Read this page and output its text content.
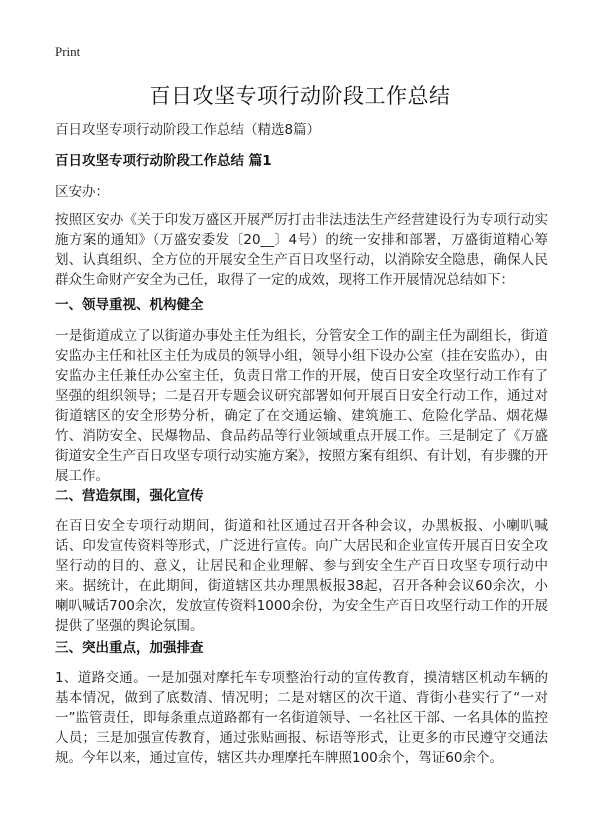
Print
百日攻坚专项行动阶段工作总结
百日攻坚专项行动阶段工作总结（精选8篇）
百日攻坚专项行动阶段工作总结 篇1
区安办：

按照区安办《关于印发万盛区开展严厉打击非法违法生产经营建设行为专项行动实施方案的通知》（万盛安委发〔20__〕4号）的统一安排和部署，万盛街道精心筹划、认真组织、全方位的开展安全生产百日攻坚行动，以消除安全隐患，确保人民群众生命财产安全为己任，取得了一定的成效，现将工作开展情况总结如下：

一、领导重视、机构健全

一是街道成立了以街道办事处主任为组长，分管安全工作的副主任为副组长，街道安监办主任和社区主任为成员的领导小组，领导小组下设办公室（挂在安监办），由安监办主任兼任办公室主任，负责日常工作的开展，使百日安全攻坚行动工作有了坚强的组织领导；二是召开专题会议研究部署如何开展百日安全行动工作，通过对街道辖区的安全形势分析，确定了在交通运输、建筑施工、危险化学品、烟花爆竹、消防安全、民爆物品、食品药品等行业领域重点开展工作。三是制定了《万盛街道安全生产百日攻坚专项行动实施方案》，按照方案有组织、有计划，有步骤的开展工作。

二、营造氛围，强化宣传

在百日安全专项行动期间，街道和社区通过召开各种会议，办黑板报、小喇叭喊话、印发宣传资料等形式，广泛进行宣传。向广大居民和企业宣传开展百日安全攻坚行动的目的、意义，让居民和企业理解、参与到安全生产百日攻坚专项行动中来。据统计，在此期间，街道辖区共办理黑板报38起，召开各种会议60余次，小喇叭喊话700余次，发放宣传资料1000余份，为安全生产百日攻坚行动工作的开展提供了坚强的舆论氛围。

三、突出重点，加强排查

1、道路交通。一是加强对摩托车专项整治行动的宣传教育，摸清辖区机动车辆的基本情况，做到了底数清、情况明；二是对辖区的次干道、背街小巷实行了“一对一”监管责任，即每条重点道路都有一名街道领导、一名社区干部、一名具体的监控人员；三是加强宣传教育，通过张贴画报、标语等形式，让更多的市民遵守交通法规。今年以来，通过宣传，辖区共办理摩托车牌照100余个，驾证60余个。
